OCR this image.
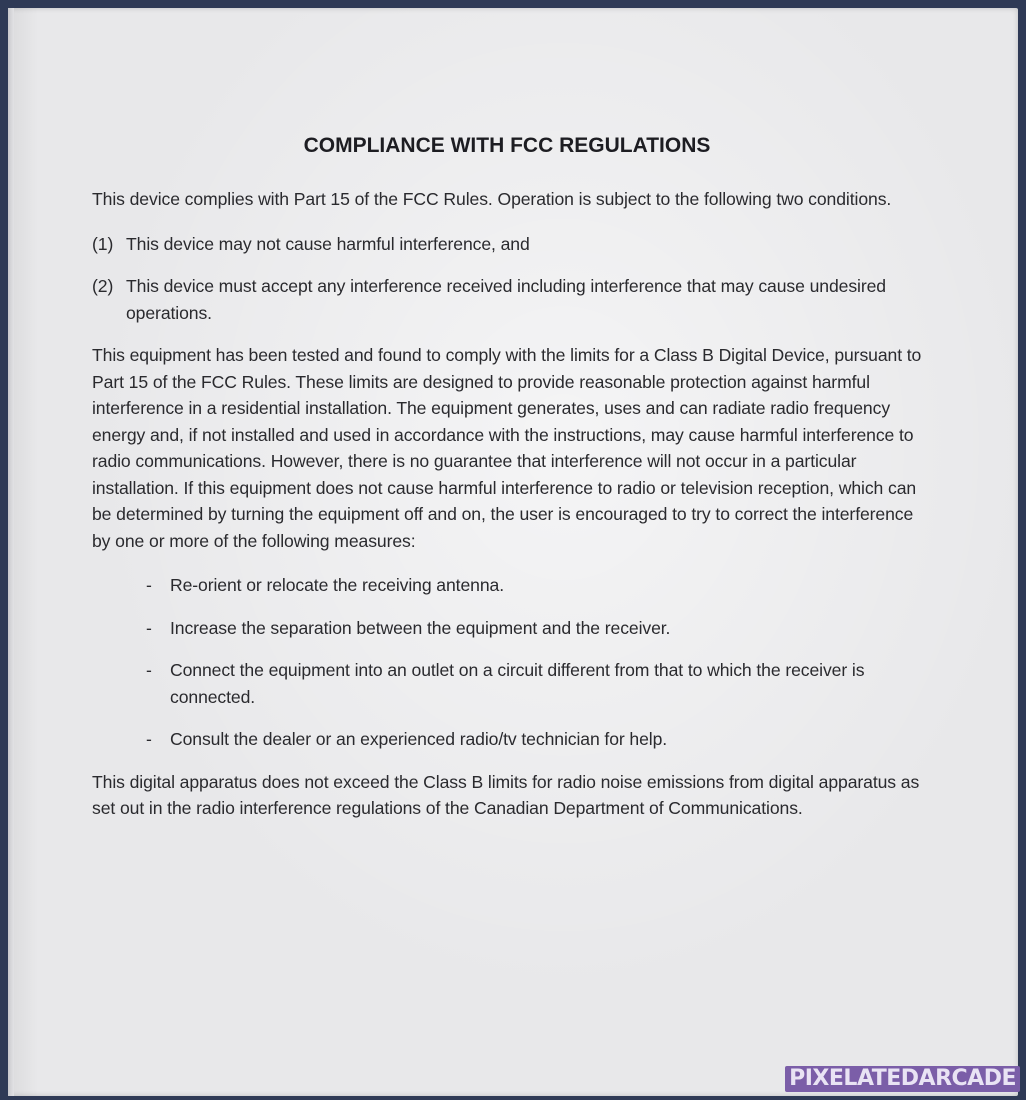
COMPLIANCE WITH FCC REGULATIONS

This device complies with Part 15 of the FCC Rules. Operation is subject to the following two conditions.

(1) This device may not cause harmful interference, and
(2) This device must accept any interference received including interference that may cause undesired operations.

This equipment has been tested and found to comply with the limits for a Class B Digital Device, pursuant to Part 15 of the FCC Rules. These limits are designed to provide reasonable protection against harmful interference in a residential installation. The equipment generates, uses and can radiate radio frequency energy and, if not installed and used in accordance with the instructions, may cause harmful interference to radio communications. However, there is no guarantee that interference will not occur in a particular installation. If this equipment does not cause harmful interference to radio or television reception, which can be determined by turning the equipment off and on, the user is encouraged to try to correct the interference by one or more of the following measures:

-	Re-orient or relocate the receiving antenna.
-	Increase the separation between the equipment and the receiver.
-	Connect the equipment into an outlet on a circuit different from that to which the receiver is connected.
-	Consult the dealer or an experienced radio/tv technician for help.

This digital apparatus does not exceed the Class B limits for radio noise emissions from digital apparatus as set out in the radio interference regulations of the Canadian Department of Communications.

PIXELATEDARCADE
